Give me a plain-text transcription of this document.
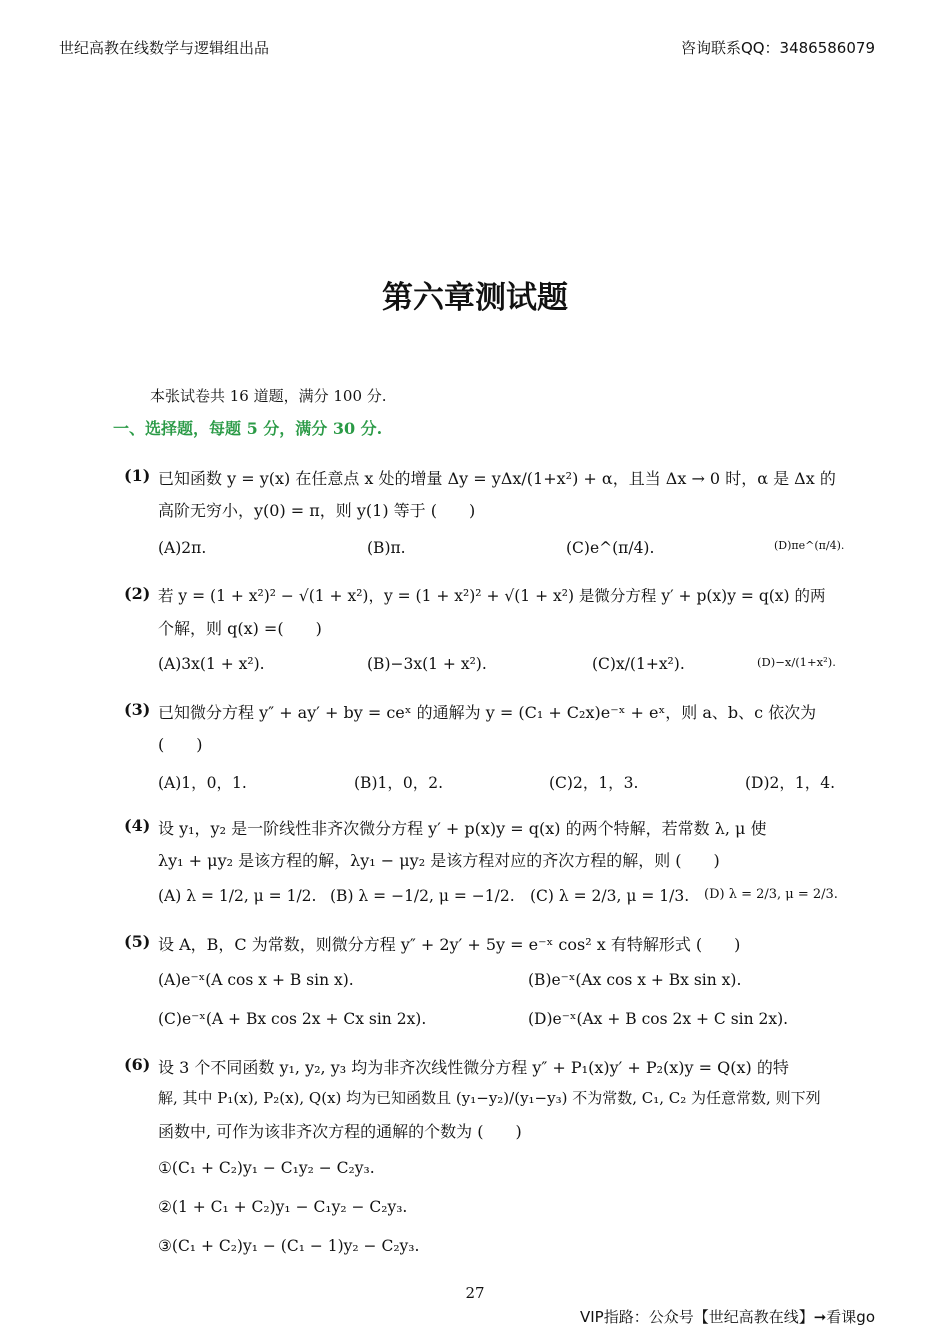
世纪高教在线数学与逻辑组出品	咨询联系QQ：3486586079
第六章测试题
本张试卷共 16 道题，满分 100 分.
一、选择题，每题 5 分，满分 30 分.
(1) 已知函数 y = y(x) 在任意点 x 处的增量 Δy = yΔx/(1+x²) + α，且当 Δx → 0 时，α 是 Δx 的
高阶无穷小，y(0) = π，则 y(1) 等于 (　　)
(A)2π.	(B)π.	(C)e^(π/4).	(D)πe^(π/4).
(2) 若 y = (1 + x²)² − √(1 + x²)，y = (1 + x²)² + √(1 + x²) 是微分方程 y′ + p(x)y = q(x) 的两
个解，则 q(x) =(　　)
(A)3x(1 + x²).	(B)−3x(1 + x²).	(C)x/(1+x²).	(D)−x/(1+x²).
(3) 已知微分方程 y″ + ay′ + by = ceˣ 的通解为 y = (C₁ + C₂x)e⁻ˣ + eˣ，则 a、b、c 依次为
(　　)
(A)1，0，1.	(B)1，0，2.	(C)2，1，3.	(D)2，1，4.
(4) 设 y₁，y₂ 是一阶线性非齐次微分方程 y′ + p(x)y = q(x) 的两个特解，若常数 λ, μ 使
λy₁ + μy₂ 是该方程的解，λy₁ − μy₂ 是该方程对应的齐次方程的解，则 (　　)
(A) λ = 1/2, μ = 1/2. (B) λ = −1/2, μ = −1/2. (C) λ = 2/3, μ = 1/3. (D) λ = 2/3, μ = 2/3.
(5) 设 A，B，C 为常数，则微分方程 y″ + 2y′ + 5y = e⁻ˣ cos² x 有特解形式 (　　)
(A)e⁻ˣ(A cos x + B sin x).	(B)e⁻ˣ(Ax cos x + Bx sin x).
(C)e⁻ˣ(A + Bx cos 2x + Cx sin 2x).	(D)e⁻ˣ(Ax + B cos 2x + C sin 2x).
(6) 设 3 个不同函数 y₁, y₂, y₃ 均为非齐次线性微分方程 y″ + P₁(x)y′ + P₂(x)y = Q(x) 的特
解, 其中 P₁(x), P₂(x), Q(x) 均为已知函数且 (y₁−y₂)/(y₁−y₃) 不为常数, C₁, C₂ 为任意常数, 则下列
函数中, 可作为该非齐次方程的通解的个数为 (　　)
①(C₁ + C₂)y₁ − C₁y₂ − C₂y₃.
②(1 + C₁ + C₂)y₁ − C₁y₂ − C₂y₃.
③(C₁ + C₂)y₁ − (C₁ − 1)y₂ − C₂y₃.
27
VIP指路：公众号【世纪高教在线】➞看课go
